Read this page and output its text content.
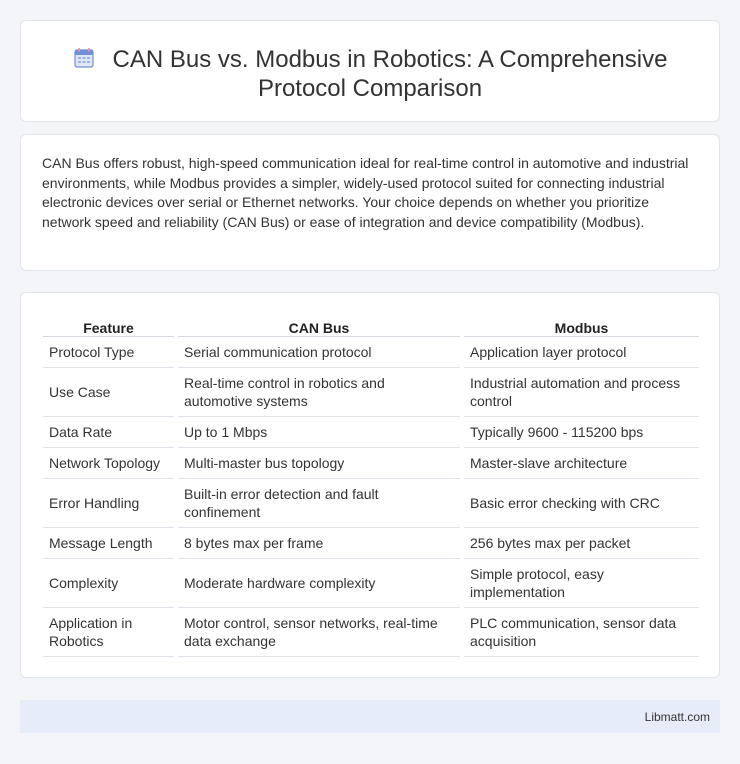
CAN Bus vs. Modbus in Robotics: A Comprehensive
Protocol Comparison

CAN Bus offers robust, high-speed communication ideal for real-time control in automotive and industrial environments, while Modbus provides a simpler, widely-used protocol suited for connecting industrial electronic devices over serial or Ethernet networks. Your choice depends on whether you prioritize network speed and reliability (CAN Bus) or ease of integration and device compatibility (Modbus).

Feature	CAN Bus	Modbus
Protocol Type	Serial communication protocol	Application layer protocol
Use Case	Real-time control in robotics and automotive systems	Industrial automation and process control
Data Rate	Up to 1 Mbps	Typically 9600 - 115200 bps
Network Topology	Multi-master bus topology	Master-slave architecture
Error Handling	Built-in error detection and fault confinement	Basic error checking with CRC
Message Length	8 bytes max per frame	256 bytes max per packet
Complexity	Moderate hardware complexity	Simple protocol, easy implementation
Application in Robotics	Motor control, sensor networks, real-time data exchange	PLC communication, sensor data acquisition
Libmatt.com
